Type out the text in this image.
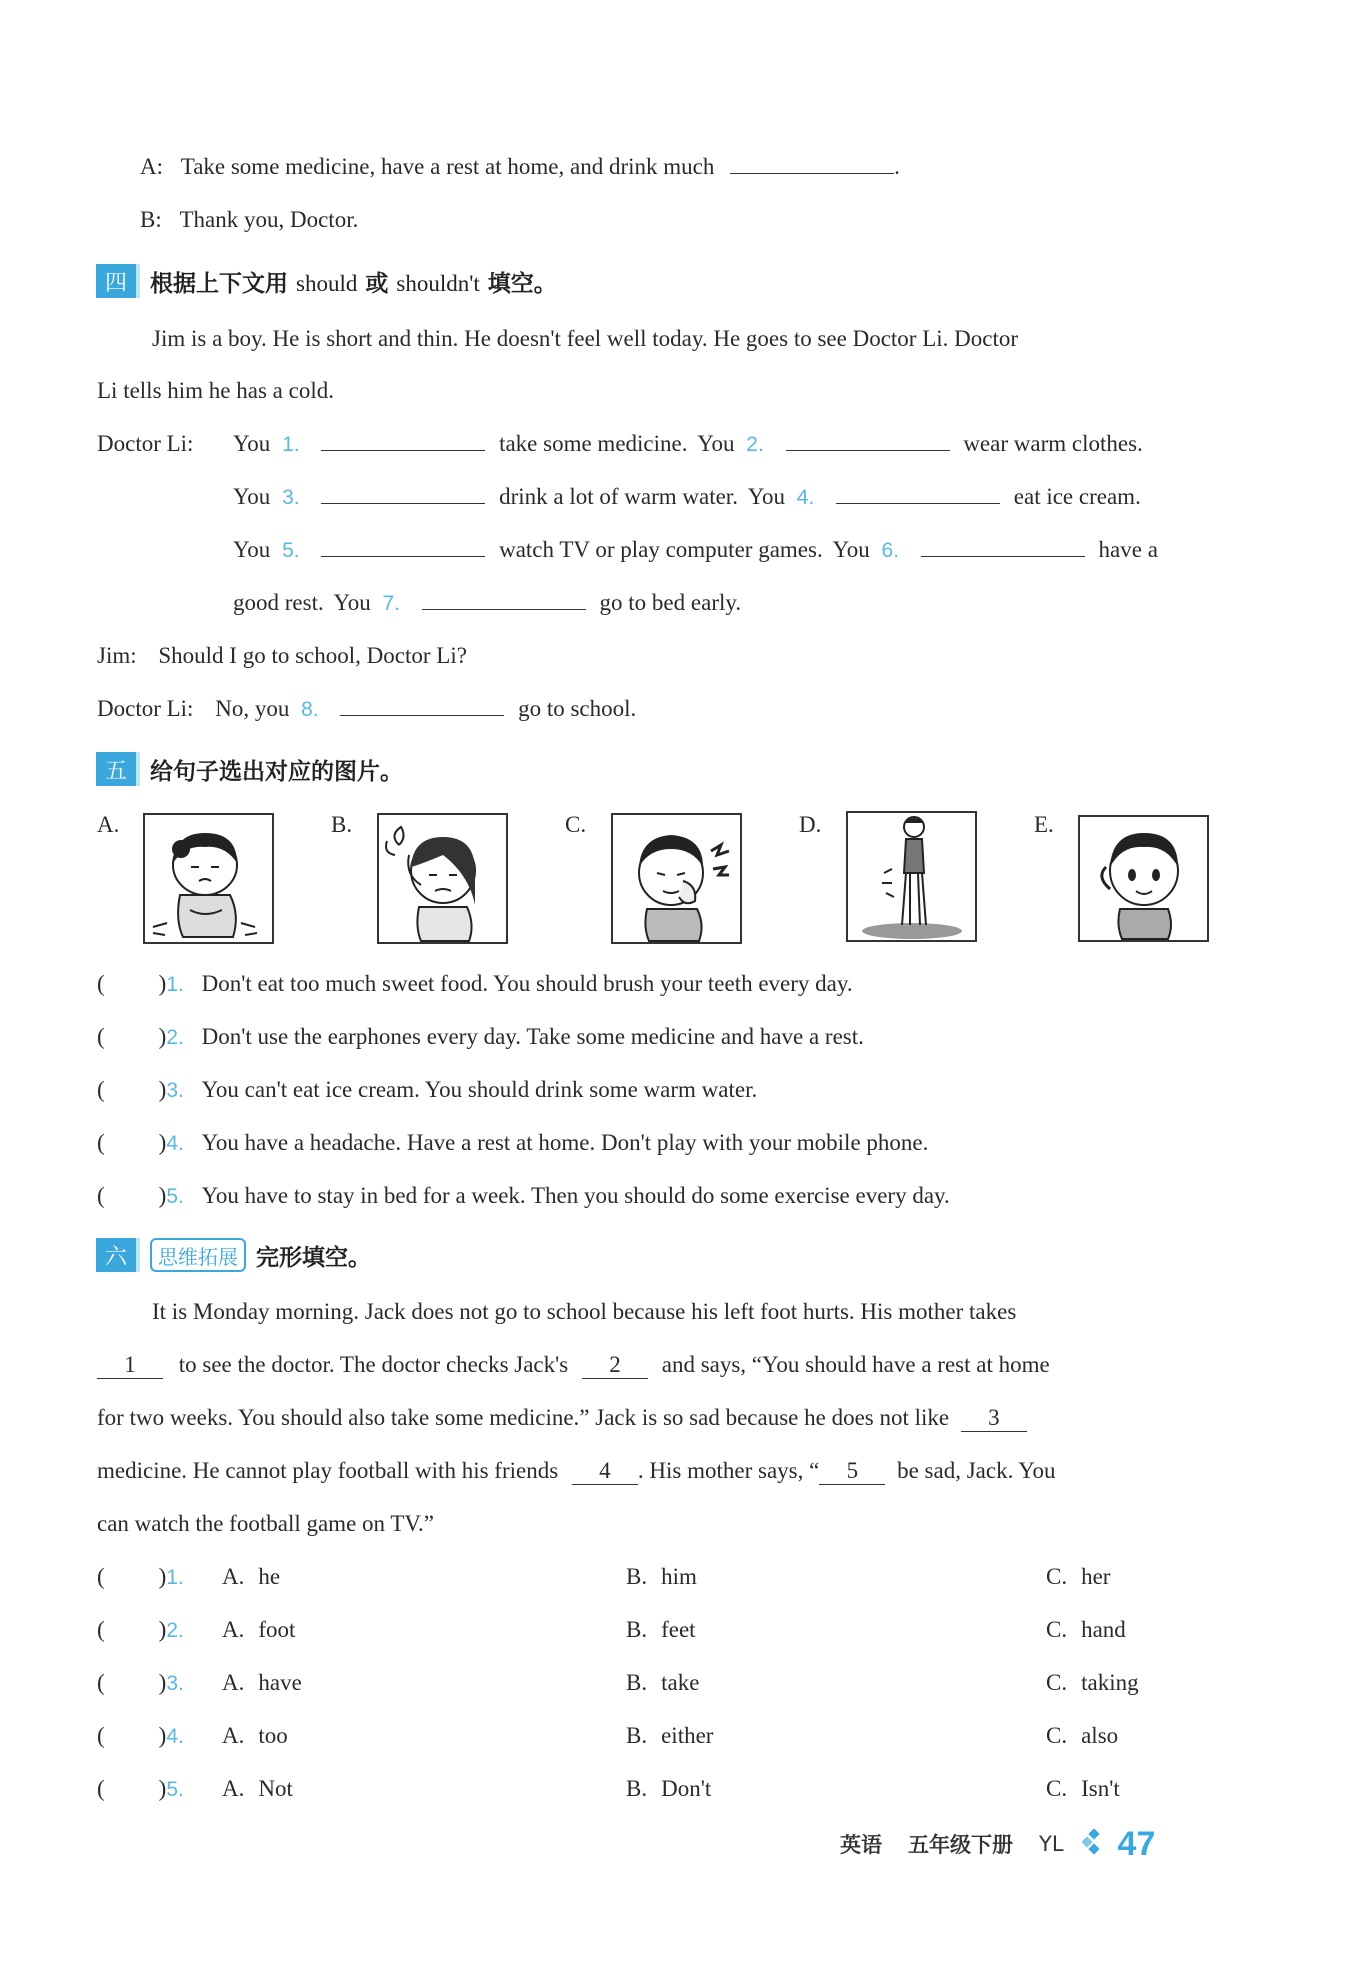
A: Take some medicine, have a rest at home, and drink much	.
B: Thank you, Doctor.
四	根据上下文用 should 或 shouldn't 填空。
Jim is a boy. He is short and thin. He doesn't feel well today. He goes to see Doctor Li. Doctor
Li tells him he has a cold.
Doctor Li: You 1.	take some medicine. You 2.	wear warm clothes.
You 3.	drink a lot of warm water. You 4.	eat ice cream.
You 5.	watch TV or play computer games. You 6.	have a
good rest. You 7.	go to bed early.
Jim: Should I go to school, Doctor Li?
Doctor Li: No, you 8.	go to school.
五	给句子选出对应的图片。
A.	B.	C.	D.	E.
( )1. Don't eat too much sweet food. You should brush your teeth every day.
( )2. Don't use the earphones every day. Take some medicine and have a rest.
( )3. You can't eat ice cream. You should drink some warm water.
( )4. You have a headache. Have a rest at home. Don't play with your mobile phone.
( )5. You have to stay in bed for a week. Then you should do some exercise every day.
六	思维拓展 完形填空。
It is Monday morning. Jack does not go to school because his left foot hurts. His mother takes
1 to see the doctor. The doctor checks Jack's 2 and says, “You should have a rest at home
for two weeks. You should also take some medicine.” Jack is so sad because he does not like 3
medicine. He cannot play football with his friends 4 . His mother says, “ 5 be sad, Jack. You
can watch the football game on TV.”
( )1. A. he	B. him	C. her
( )2. A. foot	B. feet	C. hand
( )3. A. have	B. take	C. taking
( )4. A. too	B. either	C. also
( )5. A. Not	B. Don't	C. Isn't
英语 五年级下册 YL 47
